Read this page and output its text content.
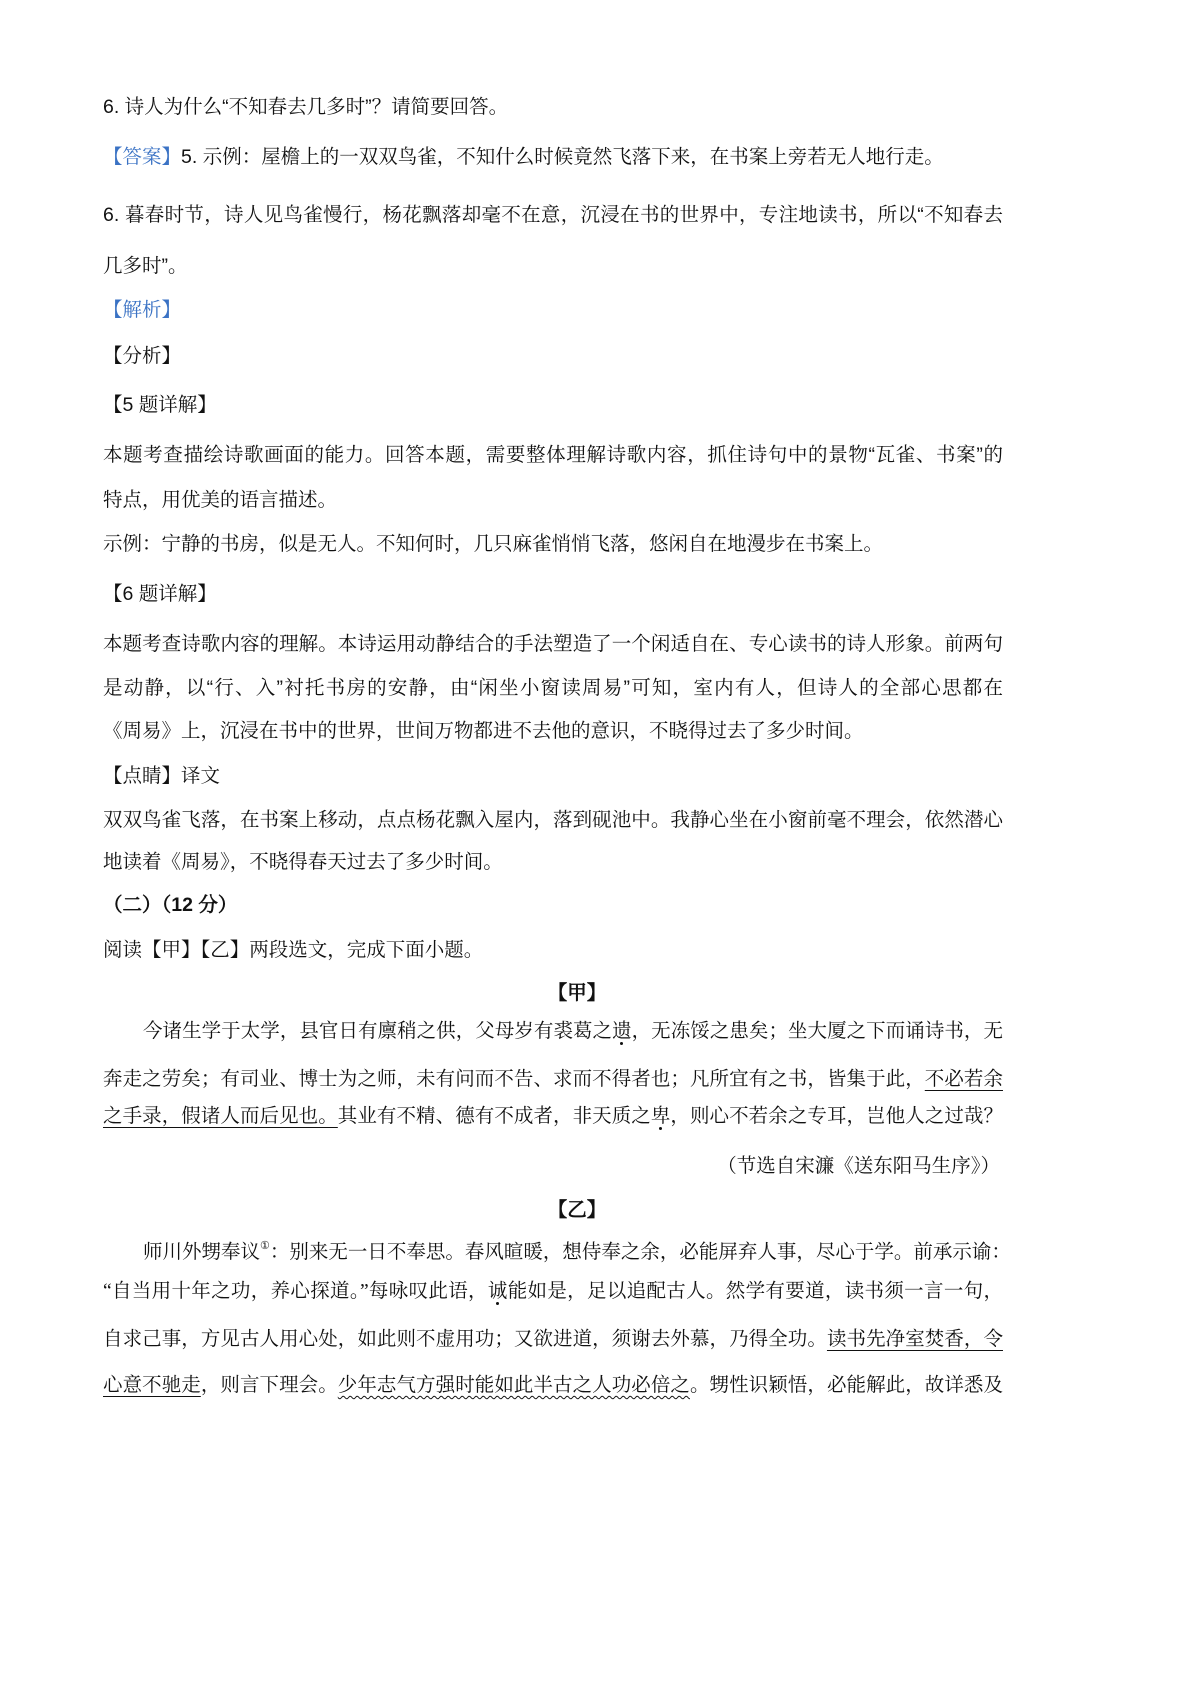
6. 诗人为什么“不知春去几多时”？请简要回答。
【答案】5. 示例：屋檐上的一双双鸟雀，不知什么时候竟然飞落下来，在书案上旁若无人地行走。
6. 暮春时节，诗人见鸟雀慢行，杨花飘落却毫不在意，沉浸在书的世界中，专注地读书，所以“不知春去
几多时”。
【解析】
【分析】
【5 题详解】
本题考查描绘诗歌画面的能力。回答本题，需要整体理解诗歌内容，抓住诗句中的景物“瓦雀、书案”的
特点，用优美的语言描述。
示例：宁静的书房，似是无人。不知何时，几只麻雀悄悄飞落，悠闲自在地漫步在书案上。
【6 题详解】
本题考查诗歌内容的理解。本诗运用动静结合的手法塑造了一个闲适自在、专心读书的诗人形象。前两句
是动静，以“行、入”衬托书房的安静，由“闲坐小窗读周易”可知，室内有人，但诗人的全部心思都在
《周易》上，沉浸在书中的世界，世间万物都进不去他的意识，不晓得过去了多少时间。
【点睛】译文
双双鸟雀飞落，在书案上移动，点点杨花飘入屋内，落到砚池中。我静心坐在小窗前毫不理会，依然潜心
地读着《周易》，不晓得春天过去了多少时间。
（二）（12 分）
阅读【甲】【乙】两段选文，完成下面小题。
【甲】
今诸生学于太学，县官日有廪稍之供，父母岁有裘葛之遗，无冻馁之患矣；坐大厦之下而诵诗书，无
奔走之劳矣；有司业、博士为之师，未有问而不告、求而不得者也；凡所宜有之书，皆集于此，不必若余
之手录，假诸人而后见也。其业有不精、德有不成者，非天质之卑，则心不若余之专耳，岂他人之过哉？
（节选自宋濂《送东阳马生序》）
【乙】
师川外甥奉议①：别来无一日不奉思。春风暄暖，想侍奉之余，必能屏弃人事，尽心于学。前承示谕：
“自当用十年之功，养心探道。”每咏叹此语，诚能如是，足以追配古人。然学有要道，读书须一言一句，
自求己事，方见古人用心处，如此则不虚用功；又欲进道，须谢去外慕，乃得全功。读书先净室焚香，令
心意不驰走，则言下理会。少年志气方强时能如此半古之人功必倍之。甥性识颖悟，必能解此，故详悉及
